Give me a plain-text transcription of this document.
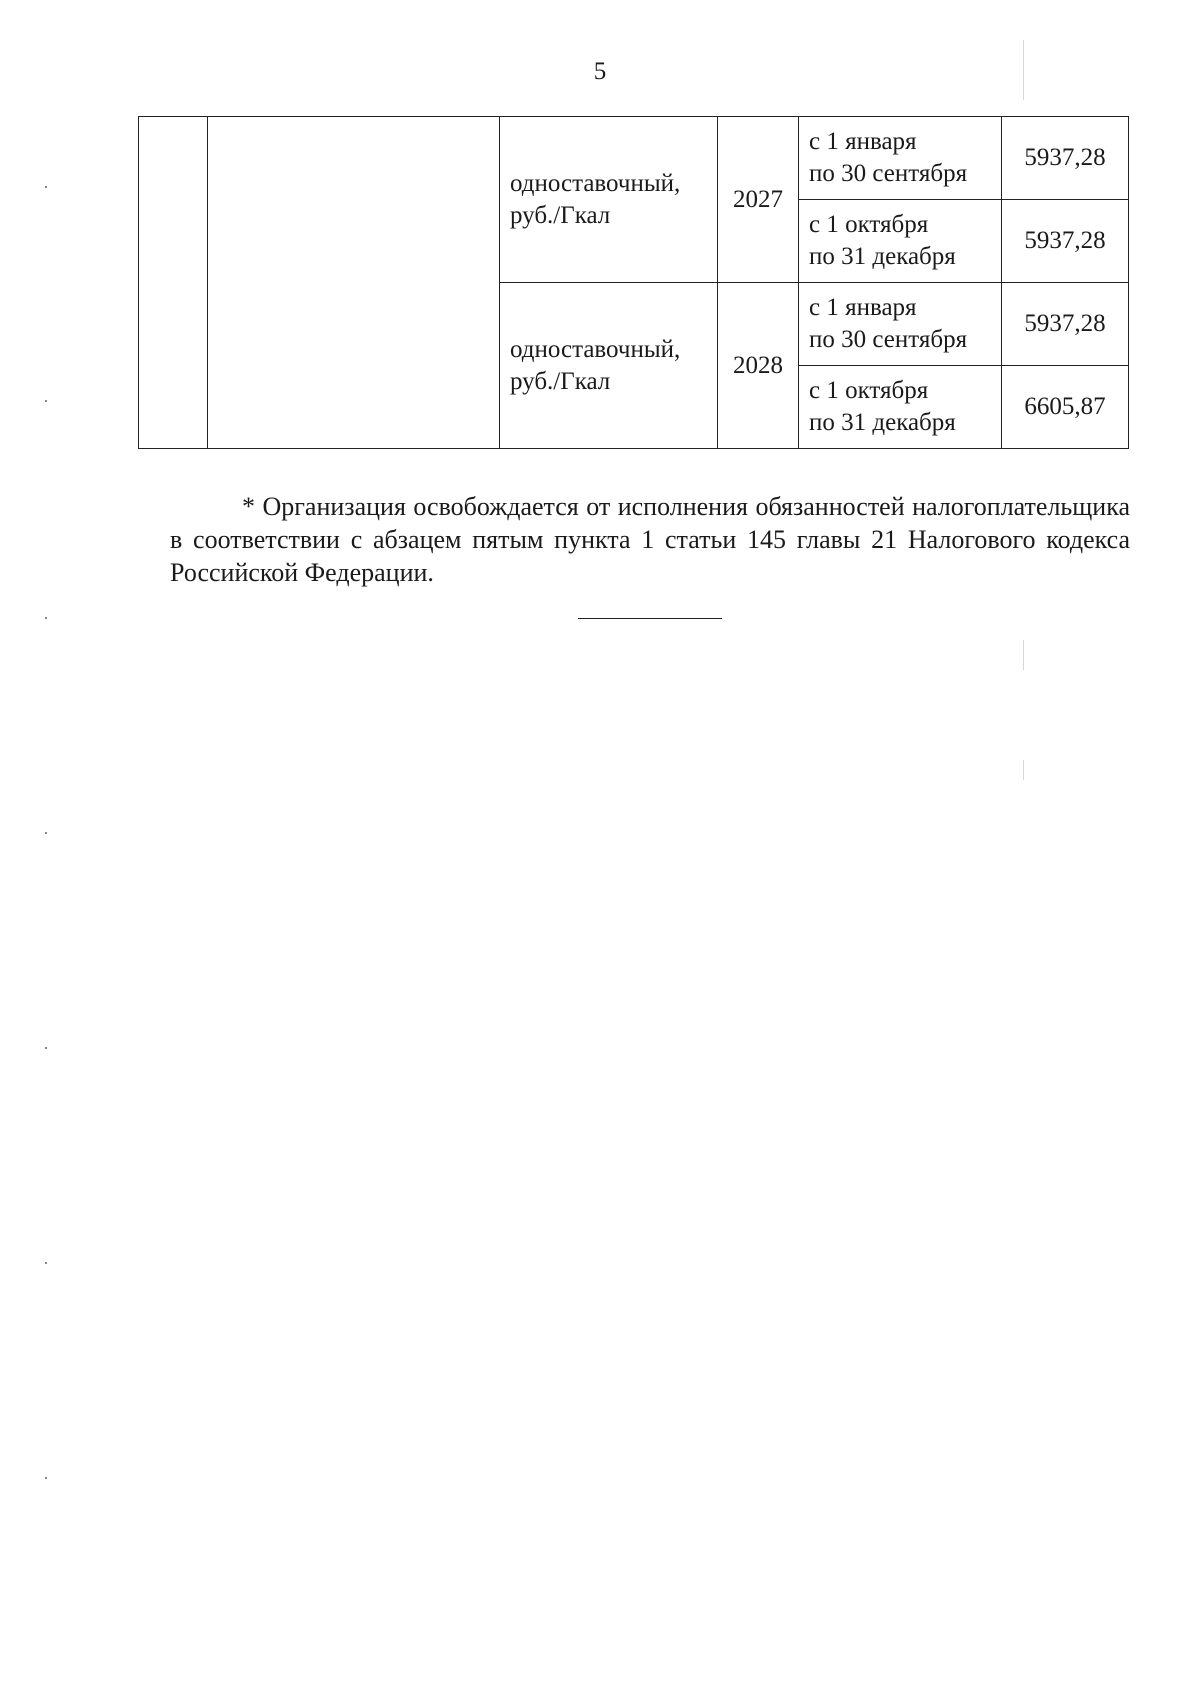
5

		одноставочный,
руб./Гкал	2027	с 1 января
по 30 сентября	5937,28

				с 1 октября
по 31 декабря	5937,28

		одноставочный,
руб./Гкал	2028	с 1 января
по 30 сентября	5937,28

				с 1 октября
по 31 декабря	6605,87

* Организация освобождается от исполнения обязанностей налогоплательщика в соответствии с абзацем пятым пункта 1 статьи 145 главы 21 Налогового кодекса Российской Федерации.
